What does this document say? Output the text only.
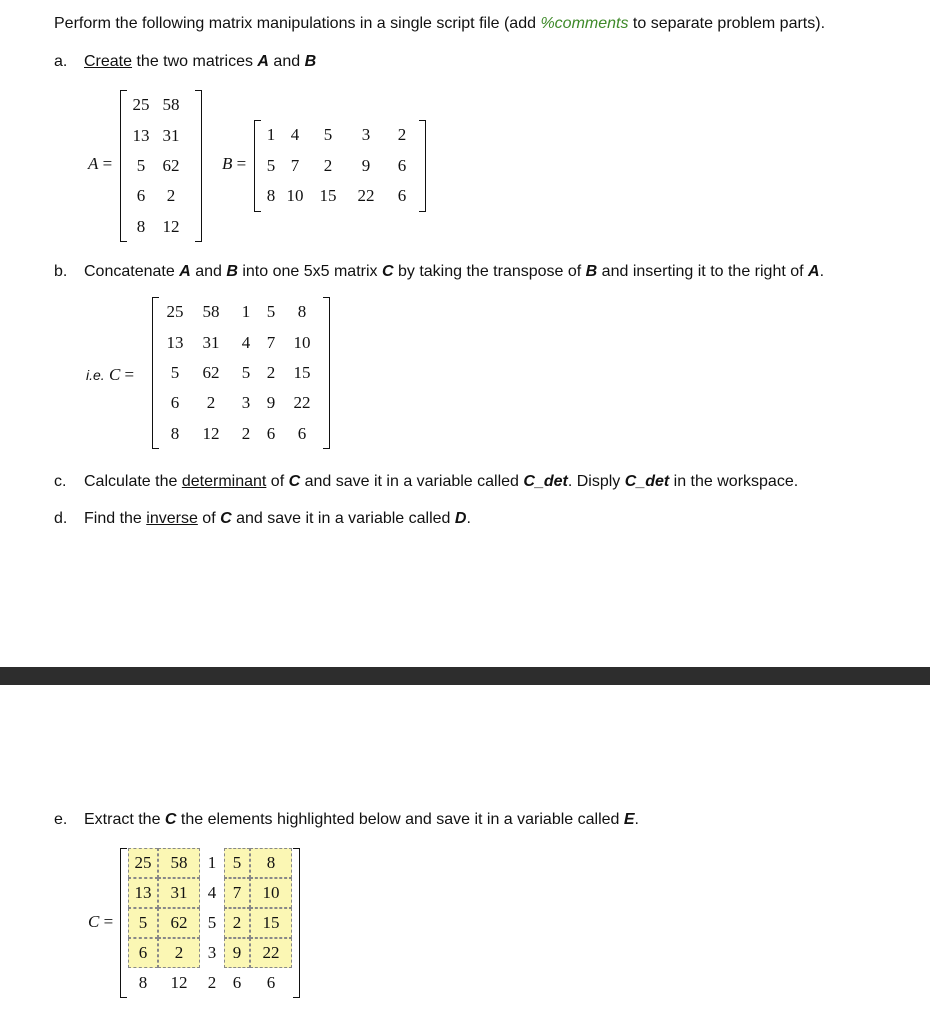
Perform the following matrix manipulations in a single script file (add %comments to separate problem parts).
a. Create the two matrices A and B
A =
25	58
13	31
5	62
6	2
8	12
B =
1	4	5	3	2
5	7	2	9	6
8	10	15	22	6
b. Concatenate A and B into one 5x5 matrix C by taking the transpose of B and inserting it to the right of A.
i.e. C =
25	58	1	5	8
13	31	4	7	10
5	62	5	2	15
6	2	3	9	22
8	12	2	6	6
c. Calculate the determinant of C and save it in a variable called C_det. Disply C_det in the workspace.
d. Find the inverse of C and save it in a variable called D.
e. Extract the C the elements highlighted below and save it in a variable called E.
C =
25	58	1	5	8
13	31	4	7	10
5	62	5	2	15
6	2	3	9	22
8	12	2	6	6
